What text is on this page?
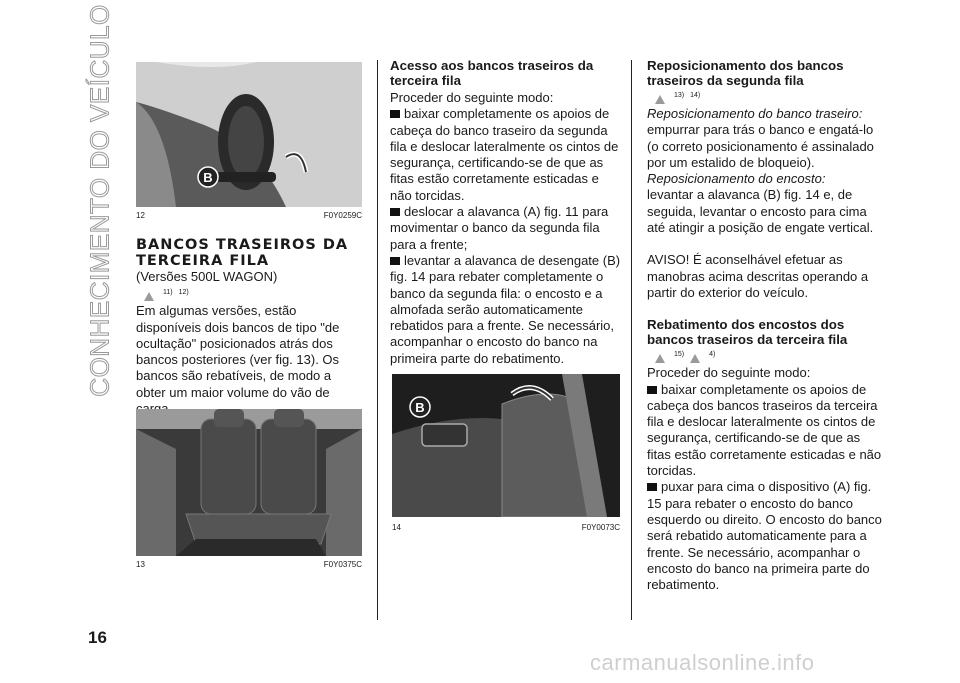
CONHECIMENTO DO VEÍCULO
16
B
12	F0Y0259C
BANCOS TRASEIROS DA TERCEIRA FILA

(Versões 500L WAGON)

11) 12)

Em algumas versões, estão disponíveis dois bancos de tipo "de ocultação" posicionados atrás dos bancos posteriores (ver fig. 13). Os bancos são rebatíveis, de modo a obter um maior volume do vão de

13	F0Y0375C
Acesso aos bancos traseiros da terceira fila

Proceder do seguinte modo:

baixar completamente os apoios de cabeça do banco traseiro da segunda fila e deslocar lateralmente os cintos de segurança, certificando-se de que as fitas estão corretamente esticadas e não torcidas.

deslocar a alavanca (A) fig. 11 para movimentar o banco da segunda fila para a frente;

levantar a alavanca de desengate (B) fig. 14 para rebater completamente o banco da segunda fila: o encosto e a almofada serão automaticamente rebatidos para a frente. Se necessário, acompanhar o encosto do banco na primeira parte do rebatimento.

B
14	F0Y0073C
Reposicionamento dos bancos traseiros da segunda fila
13) 14)

Reposicionamento do banco traseiro:

empurrar para trás o banco e engatá-lo (o correto posicionamento é assinalado por um estalido de bloqueio).

Reposicionamento do encosto:

levantar a alavanca (B) fig. 14 e, de seguida, levantar o encosto para cima até atingir a posição de engate vertical.

AVISO! É aconselhável efetuar as manobras acima descritas operando a partir do exterior do veículo.

Rebatimento dos encostos dos bancos traseiros da terceira fila
15)	4)

Proceder do seguinte modo:

baixar completamente os apoios de cabeça dos bancos traseiros da terceira fila e deslocar lateralmente os cintos de segurança, certificando-se de que as fitas estão corretamente esticadas e não torcidas.

puxar para cima o dispositivo (A) fig. 15 para rebater o encosto do banco esquerdo ou direito. O encosto do banco será rebatido automaticamente para a frente. Se necessário, acompanhar o encosto do banco na primeira parte do rebatimento.

carmanualsonline.info
